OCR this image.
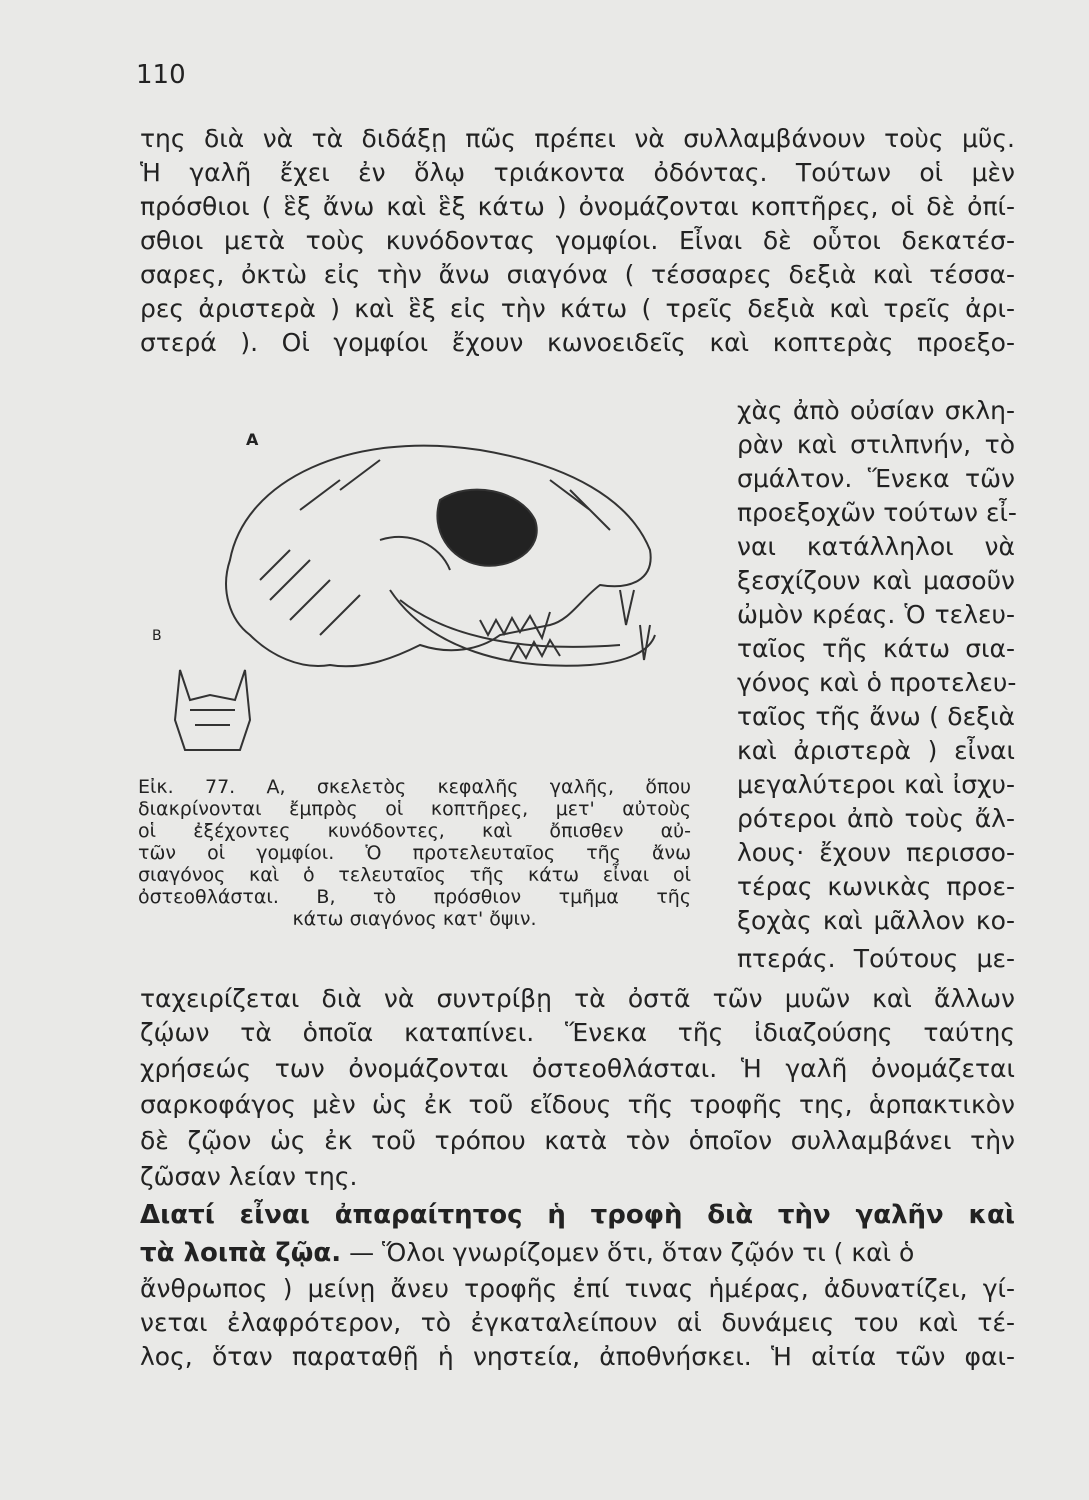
110
της διὰ νὰ τὰ διδάξῃ πῶς πρέπει νὰ συλλαμβάνουν τοὺς μῦς.
Ἡ γαλῆ ἔχει ἐν ὅλῳ τριάκοντα ὀδόντας. Τούτων οἱ μὲν
πρόσθιοι ( ἓξ ἄνω καὶ ἓξ κάτω ) ὀνομάζονται κοπτῆρες, οἱ δὲ ὀπί-
σθιοι μετὰ τοὺς κυνόδοντας γομφίοι. Εἶναι δὲ οὗτοι δεκατέσ-
σαρες, ὀκτὼ εἰς τὴν ἄνω σιαγόνα ( τέσσαρες δεξιὰ καὶ τέσσα-
ρες ἀριστερὰ ) καὶ ἓξ εἰς τὴν κάτω ( τρεῖς δεξιὰ καὶ τρεῖς ἀρι-
στερά ). Οἱ γομφίοι ἔχουν κωνοειδεῖς καὶ κοπτερὰς προεξο-
A
B
χὰς ἀπὸ οὐσίαν σκλη-
ρὰν καὶ στιλπνήν, τὸ
σμάλτον. Ἕνεκα τῶν
προεξοχῶν τούτων εἶ-
ναι κατάλληλοι νὰ
ξεσχίζουν καὶ μασοῦν
ὠμὸν κρέας. Ὁ τελευ-
ταῖος τῆς κάτω σια-
γόνος καὶ ὁ προτελευ-
ταῖος τῆς ἄνω ( δεξιὰ
καὶ ἀριστερὰ ) εἶναι
μεγαλύτεροι καὶ ἰσχυ-
ρότεροι ἀπὸ τοὺς ἄλ-
λους· ἔχουν περισσο-
τέρας κωνικὰς προε-
ξοχὰς καὶ μᾶλλον κο-
πτεράς. Τούτους με-
Εἰκ. 77. Α, σκελετὸς κεφαλῆς γαλῆς, ὅπου
διακρίνονται ἔμπρὸς οἱ κοπτῆρες, μετ' αὐτοὺς
οἱ ἐξέχοντες κυνόδοντες, καὶ ὄπισθεν αὐ-
τῶν οἱ γομφίοι. Ὁ προτελευταῖος τῆς ἄνω
σιαγόνος καὶ ὁ τελευταῖος τῆς κάτω εἶναι οἱ
ὀστεοθλάσται. Β, τὸ πρόσθιον τμῆμα τῆς
κάτω σιαγόνος κατ' ὄψιν.
ταχειρίζεται διὰ νὰ συντρίβῃ τὰ ὀστᾶ τῶν μυῶν καὶ ἄλλων
ζῴων τὰ ὁποῖα καταπίνει. Ἕνεκα τῆς ἰδιαζούσης ταύτης
χρήσεώς των ὀνομάζονται ὀστεοθλάσται. Ἡ γαλῆ ὀνομάζεται
σαρκοφάγος μὲν ὡς ἐκ τοῦ εἴδους τῆς τροφῆς της, ἁρπακτικὸν
δὲ ζῷον ὡς ἐκ τοῦ τρόπου κατὰ τὸν ὁποῖον συλλαμβάνει τὴν
ζῶσαν λείαν της.
Διατί εἶναι ἀπαραίτητος ἡ τροφὴ διὰ τὴν γαλῆν καὶ
τὰ λοιπὰ ζῷα. — Ὅλοι γνωρίζομεν ὅτι, ὅταν ζῷόν τι ( καὶ ὁ
ἄνθρωπος ) μείνῃ ἄνευ τροφῆς ἐπί τινας ἡμέρας, ἀδυνατίζει, γί-
νεται ἐλαφρότερον, τὸ ἐγκαταλείπουν αἱ δυνάμεις του καὶ τέ-
λος, ὅταν παραταθῇ ἡ νηστεία, ἀποθνήσκει. Ἡ αἰτία τῶν φαι-
